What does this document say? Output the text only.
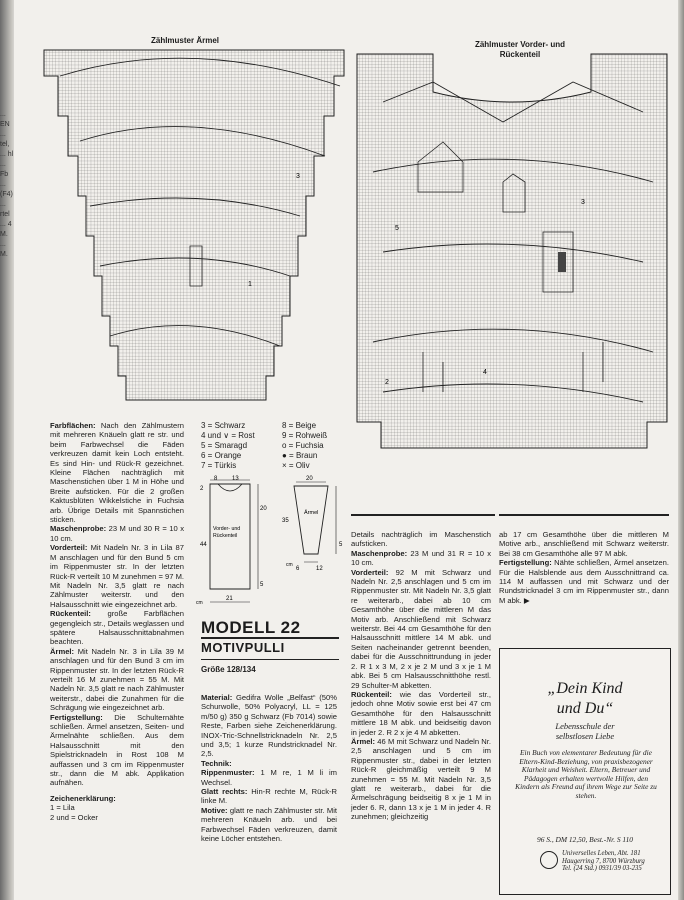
... EN ... tel, ... hl ... Fb ... (F4) ... rtel ... 4 M. ... M.
Zählmuster Ärmel	Zählmuster Vorder- und
Rückenteil
3
1
3
2
4
5

Farbflächen: Nach den Zählmustern mit mehreren Knäueln glatt re str. und beim Farbwechsel die Fäden verkreuzen damit kein Loch entsteht. Es sind Hin- und Rück-R gezeichnet. Kleine Flächen nachträglich mit Maschenstichen über 1 M in Höhe und Breite aufsticken. Für die 2 großen Kaktusblüten Wikkelstiche in Fuchsia arb. Übrige Details mit Spannstichen sticken.

Maschenprobe: 23 M und 30 R = 10 x 10 cm.

Vorderteil: Mit Nadeln Nr. 3 in Lila 87 M anschlagen und für den Bund 5 cm im Rippenmuster str. In der letzten Rück-R verteilt 10 M zunehmen = 97 M. Mit Nadeln Nr. 3,5 glatt re nach Zählmuster weiterstr. und den Halsausschnitt wie eingezeichnet arb.

Rückenteil: große Farbflächen gegengleich str., Details weglassen und spätere Halsausschnittabnahmen beachten.

Ärmel: Mit Nadeln Nr. 3 in Lila 39 M anschlagen und für den Bund 3 cm im Rippenmuster str. In der letzten Rück-R verteilt 16 M zunehmen = 55 M. Mit Nadeln Nr. 3,5 glatt re nach Zählmuster weiterstr., dabei die Zunahmen für die Schrägung wie eingezeichnet arb.

Fertigstellung: Die Schulternähte schließen. Ärmel ansetzen, Seiten- und Ärmelnähte schließen. Aus dem Halsausschnitt mit den Spielstricknadeln in Rost 108 M auffassen und 3 cm im Rippenmuster str., dann die M abk. Applikation aufnähen.

Zeichenerklärung:

1 = Lila

2 und = Ocker

3 = Schwarz
4 und ∨ = Rost
5 = Smaragd
6 = Orange
7 = Türkis
8 = Beige
9 = Rohweiß
o = Fuchsia
● = Braun
× = Oliv
8 13
20
20
2
44
21
5
35
6	12
5
cm
cm
Vorder- und
Rückenteil
Ärmel
MODELL 22
MOTIVPULLI
Größe 128/134

Material: Gedifra Wolle „Belfast“ (50% Schurwolle, 50% Polyacryl, LL = 125 m/50 g) 350 g Schwarz (Fb 7014) sowie Reste, Farben siehe Zeichenerklärung. INOX-Tric-Schnellstricknadeln Nr. 2,5 und 3,5; 1 kurze Rundstricknadel Nr. 2,5.

Technik:

Rippenmuster: 1 M re, 1 M li im Wechsel.

Glatt rechts: Hin-R rechte M, Rück-R linke M.

Motive: glatt re nach Zählmuster str. Mit mehreren Knäueln arb. und bei Farbwechsel Fäden verkreuzen, damit keine Löcher entstehen.

Details nachträglich im Maschenstich aufsticken.

Maschenprobe: 23 M und 31 R = 10 x 10 cm.

Vorderteil: 92 M mit Schwarz und Nadeln Nr. 2,5 anschlagen und 5 cm im Rippenmuster str. Mit Nadeln Nr. 3,5 glatt re weiterarb., dabei ab 10 cm Gesamthöhe über die mittleren M das Motiv arb. Anschließend mit Schwarz weiterstr. Bei 44 cm Gesamthöhe für den Halsausschnitt mittlere 14 M abk. und Seiten nacheinander getrennt beenden, dabei für die Ausschnittrundung in jeder 2. R 1 x 3 M, 2 x je 2 M und 3 x je 1 M abk. Bei 5 cm Halsausschnitthöhe restl. 29 Schulter-M abketten.

Rückenteil: wie das Vorderteil str., jedoch ohne Motiv sowie erst bei 47 cm Gesamthöhe für den Halsausschnitt mittlere 18 M abk. und beidseitig davon in jeder 2. R 2 x je 4 M abketten.

Ärmel: 46 M mit Schwarz und Nadeln Nr. 2,5 anschlagen und 5 cm im Rippenmuster str., dabei in der letzten Rück-R gleichmäßig verteilt 9 M zunehmen = 55 M. Mit Nadeln Nr. 3,5 glatt re weiterarb., dabei für die Ärmelschrägung beidseitig 8 x je 1 M in jeder 6. R, dann 13 x je 1 M in jeder 4. R zunehmen; gleichzeitig

ab 17 cm Gesamthöhe über die mittleren M Motive arb., anschließend mit Schwarz weiterstr. Bei 38 cm Gesamthöhe alle 97 M abk.

Fertigstellung: Nähte schließen, Ärmel ansetzen. Für die Halsblende aus dem Ausschnittrand ca. 114 M auffassen und mit Schwarz und der Rundstricknadel 3 cm im Rippenmuster str., dann M abk. ▶

„Dein Kind
und Du“
Lebensschule der
selbstlosen Liebe
Ein Buch von elementarer Bedeutung für die Eltern-Kind-Beziehung, von praxisbezogener Klarheit und Weisheit. Eltern, Betreuer und Pädagogen erhalten wertvolle Hilfen, den Kindern als Freund auf ihrem Wege zur Seite zu stehen.
96 S., DM 12,50, Best.-Nr. S 110
Universelles Leben, Abt. 181
Haugerring 7, 8700 Würzburg
Tel. (24 Std.) 0931/39 03-235
